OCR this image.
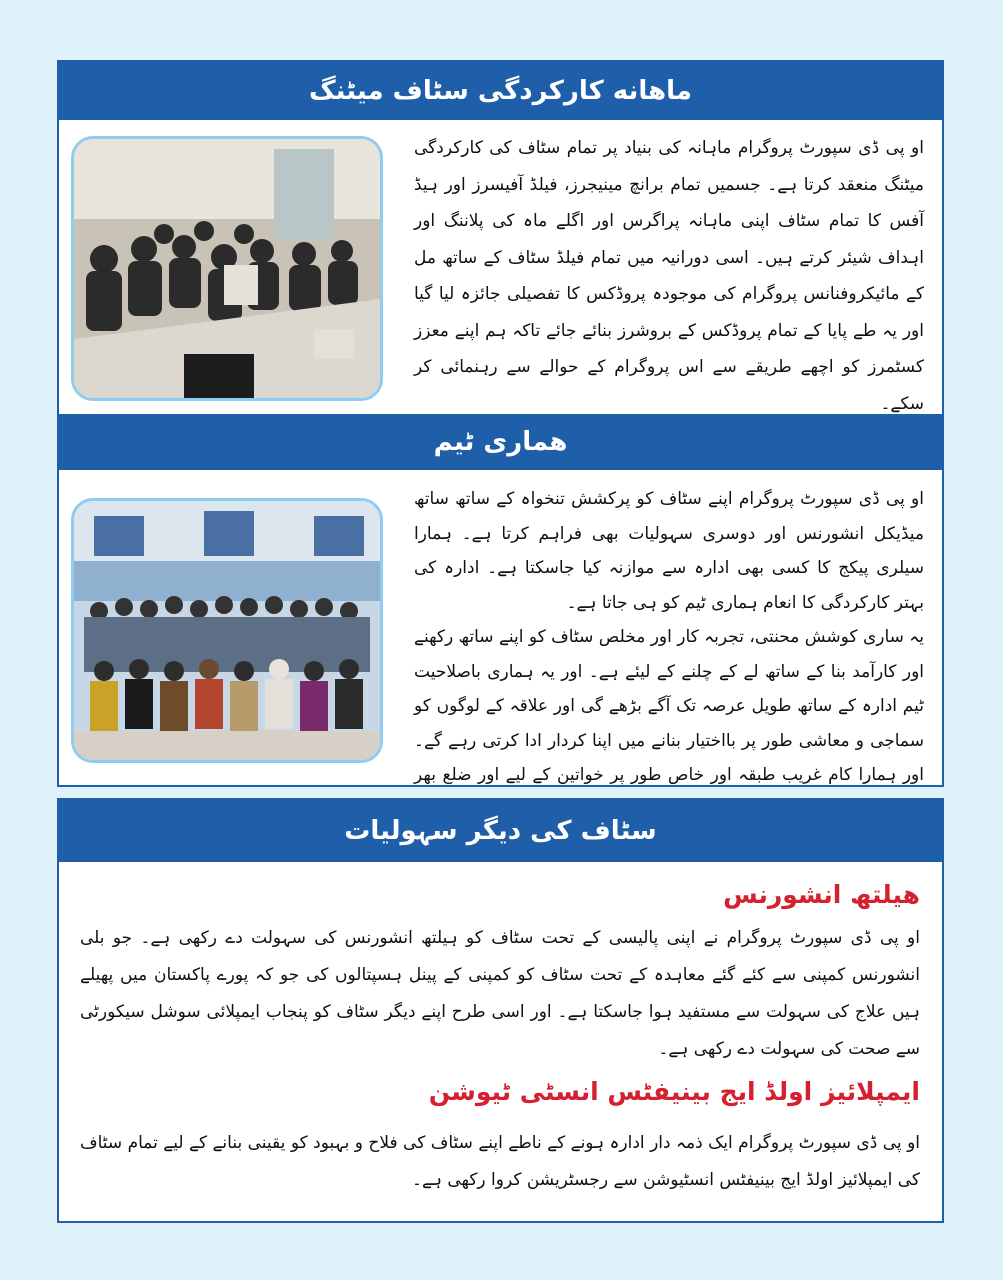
ماهانه کارکردگی سٹاف میٹنگ

او پی ڈی سپورٹ پروگرام ماہانہ کی بنیاد پر تمام سٹاف کی کارکردگی میٹنگ منعقد کرتا ہے۔ جسمیں تمام برانچ مینیجرز، فیلڈ آفیسرز اور ہیڈ آفس کا تمام سٹاف اپنی ماہانہ پراگرس اور اگلے ماہ کی پلاننگ اور اہداف شیئر کرتے ہیں۔ اسی دورانیہ میں تمام فیلڈ سٹاف کے ساتھ مل کے مائیکروفنانس پروگرام کی موجودہ پروڈکس کا تفصیلی جائزہ لیا گیا اور یہ طے پایا کے تمام پروڈکس کے بروشرز بنائے جائے تاکہ ہم اپنے معزز کسٹمرز کو اچھے طریقے سے اس پروگرام کے حوالے سے رہنمائی کر سکے۔

هماری ٹیم

او پی ڈی سپورٹ پروگرام اپنے سٹاف کو پرکشش تنخواہ کے ساتھ ساتھ میڈیکل انشورنس اور دوسری سہولیات بھی فراہم کرتا ہے۔ ہمارا سیلری پیکج کا کسی بھی ادارہ سے موازنہ کیا جاسکتا ہے۔ ادارہ کی بہتر کارکردگی کا انعام ہماری ٹیم کو ہی جاتا ہے۔

یہ ساری کوشش محنتی، تجربہ کار اور مخلص سٹاف کو اپنے ساتھ رکھنے اور کارآمد بنا کے ساتھ لے کے چلنے کے لیئے ہے۔ اور یہ ہماری باصلاحیت ٹیم ادارہ کے ساتھ طویل عرصہ تک آگے بڑھے گی اور علاقہ کے لوگوں کو سماجی و معاشی طور پر بااختیار بنانے میں اپنا کردار ادا کرتی رہے گے۔ اور ہمارا کام غریب طبقہ اور خاص طور پر خواتین کے لیے اور ضلع بھر

سٹاف کی دیگر سہولیات
هیلتھ انشورنس

او پی ڈی سپورٹ پروگرام نے اپنی پالیسی کے تحت سٹاف کو ہیلتھ انشورنس کی سہولت دے رکھی ہے۔ جو بلی انشورنس کمپنی سے کئے گئے معاہدہ کے تحت سٹاف کو کمپنی کے پینل ہسپتالوں کی جو کہ پورے پاکستان میں پھیلے ہیں علاج کی سہولت سے مستفید ہوا جاسکتا ہے۔ اور اسی طرح اپنے دیگر سٹاف کو پنجاب ایمپلائی سوشل سیکورٹی سے صحت کی سہولت دے رکھی ہے۔

ایمپلائیز اولڈ ایج بینیفٹس انسٹی ٹیوشن

او پی ڈی سپورٹ پروگرام ایک ذمہ دار ادارہ ہونے کے ناطے اپنے سٹاف کی فلاح و بہبود کو یقینی بنانے کے لیے تمام سٹاف کی ایمپلائیز اولڈ ایج بینیفٹس انسٹیوشن سے رجسٹریشن کروا رکھی ہے۔
